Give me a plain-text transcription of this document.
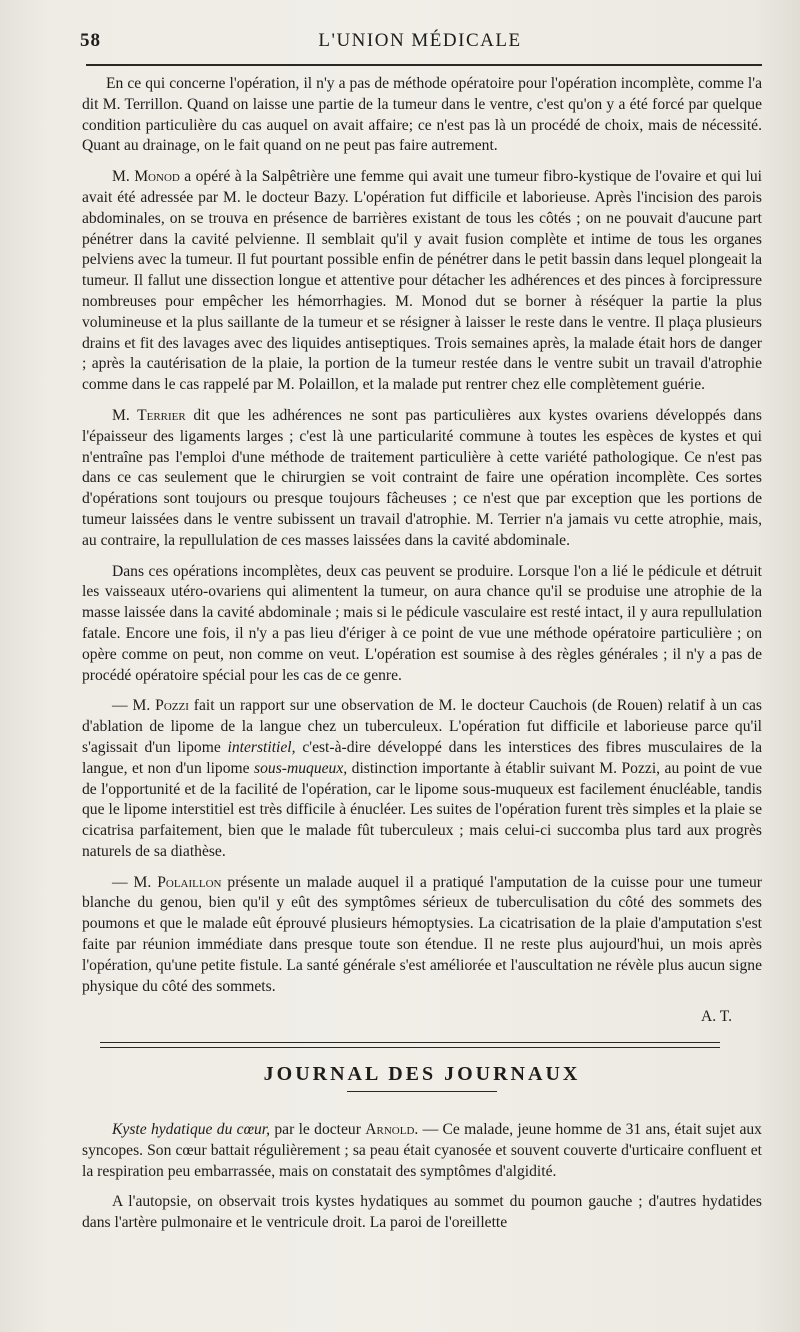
58	L'UNION MÉDICALE

En ce qui concerne l'opération, il n'y a pas de méthode opératoire pour l'opération incomplète, comme l'a dit M. Terrillon. Quand on laisse une partie de la tumeur dans le ventre, c'est qu'on y a été forcé par quelque condition particulière du cas auquel on avait affaire; ce n'est pas là un procédé de choix, mais de nécessité. Quant au drainage, on le fait quand on ne peut pas faire autrement.

M. Monod a opéré à la Salpêtrière une femme qui avait une tumeur fibro-kystique de l'ovaire et qui lui avait été adressée par M. le docteur Bazy. L'opération fut difficile et laborieuse. Après l'incision des parois abdominales, on se trouva en présence de barrières existant de tous les côtés ; on ne pouvait d'aucune part pénétrer dans la cavité pelvienne. Il semblait qu'il y avait fusion complète et intime de tous les organes pelviens avec la tumeur. Il fut pourtant possible enfin de pénétrer dans le petit bassin dans lequel plongeait la tumeur. Il fallut une dissection longue et attentive pour détacher les adhérences et des pinces à forcipressure nombreuses pour empêcher les hémorrhagies. M. Monod dut se borner à réséquer la partie la plus volumineuse et la plus saillante de la tumeur et se résigner à laisser le reste dans le ventre. Il plaça plusieurs drains et fit des lavages avec des liquides antiseptiques. Trois semaines après, la malade était hors de danger ; après la cautérisation de la plaie, la portion de la tumeur restée dans le ventre subit un travail d'atrophie comme dans le cas rappelé par M. Polaillon, et la malade put rentrer chez elle complètement guérie.

M. Terrier dit que les adhérences ne sont pas particulières aux kystes ovariens développés dans l'épaisseur des ligaments larges ; c'est là une particularité commune à toutes les espèces de kystes et qui n'entraîne pas l'emploi d'une méthode de traitement particulière à cette variété pathologique. Ce n'est pas dans ce cas seulement que le chirurgien se voit contraint de faire une opération incomplète. Ces sortes d'opérations sont toujours ou presque toujours fâcheuses ; ce n'est que par exception que les portions de tumeur laissées dans le ventre subissent un travail d'atrophie. M. Terrier n'a jamais vu cette atrophie, mais, au contraire, la repullulation de ces masses laissées dans la cavité abdominale.

Dans ces opérations incomplètes, deux cas peuvent se produire. Lorsque l'on a lié le pédicule et détruit les vaisseaux utéro-ovariens qui alimentent la tumeur, on aura chance qu'il se produise une atrophie de la masse laissée dans la cavité abdominale ; mais si le pédicule vasculaire est resté intact, il y aura repullulation fatale. Encore une fois, il n'y a pas lieu d'ériger à ce point de vue une méthode opératoire particulière ; on opère comme on peut, non comme on veut. L'opération est soumise à des règles générales ; il n'y a pas de procédé opératoire spécial pour les cas de ce genre.

— M. Pozzi fait un rapport sur une observation de M. le docteur Cauchois (de Rouen) relatif à un cas d'ablation de lipome de la langue chez un tuberculeux. L'opération fut difficile et laborieuse parce qu'il s'agissait d'un lipome interstitiel, c'est-à-dire développé dans les interstices des fibres musculaires de la langue, et non d'un lipome sous-muqueux, distinction importante à établir suivant M. Pozzi, au point de vue de l'opportunité et de la facilité de l'opération, car le lipome sous-muqueux est facilement énucléable, tandis que le lipome interstitiel est très difficile à énucléer. Les suites de l'opération furent très simples et la plaie se cicatrisa parfaitement, bien que le malade fût tuberculeux ; mais celui-ci succomba plus tard aux progrès naturels de sa diathèse.

— M. Polaillon présente un malade auquel il a pratiqué l'amputation de la cuisse pour une tumeur blanche du genou, bien qu'il y eût des symptômes sérieux de tuberculisation du côté des sommets des poumons et que le malade eût éprouvé plusieurs hémoptysies. La cicatrisation de la plaie d'amputation s'est faite par réunion immédiate dans presque toute son étendue. Il ne reste plus aujourd'hui, un mois après l'opération, qu'une petite fistule. La santé générale s'est améliorée et l'auscultation ne révèle plus aucun signe physique du côté des sommets.

A. T.

JOURNAL DES JOURNAUX

Kyste hydatique du cœur, par le docteur Arnold. — Ce malade, jeune homme de 31 ans, était sujet aux syncopes. Son cœur battait régulièrement ; sa peau était cyanosée et souvent couverte d'urticaire confluent et la respiration peu embarrassée, mais on constatait des symptômes d'algidité.

A l'autopsie, on observait trois kystes hydatiques au sommet du poumon gauche ; d'autres hydatides dans l'artère pulmonaire et le ventricule droit. La paroi de l'oreillette
